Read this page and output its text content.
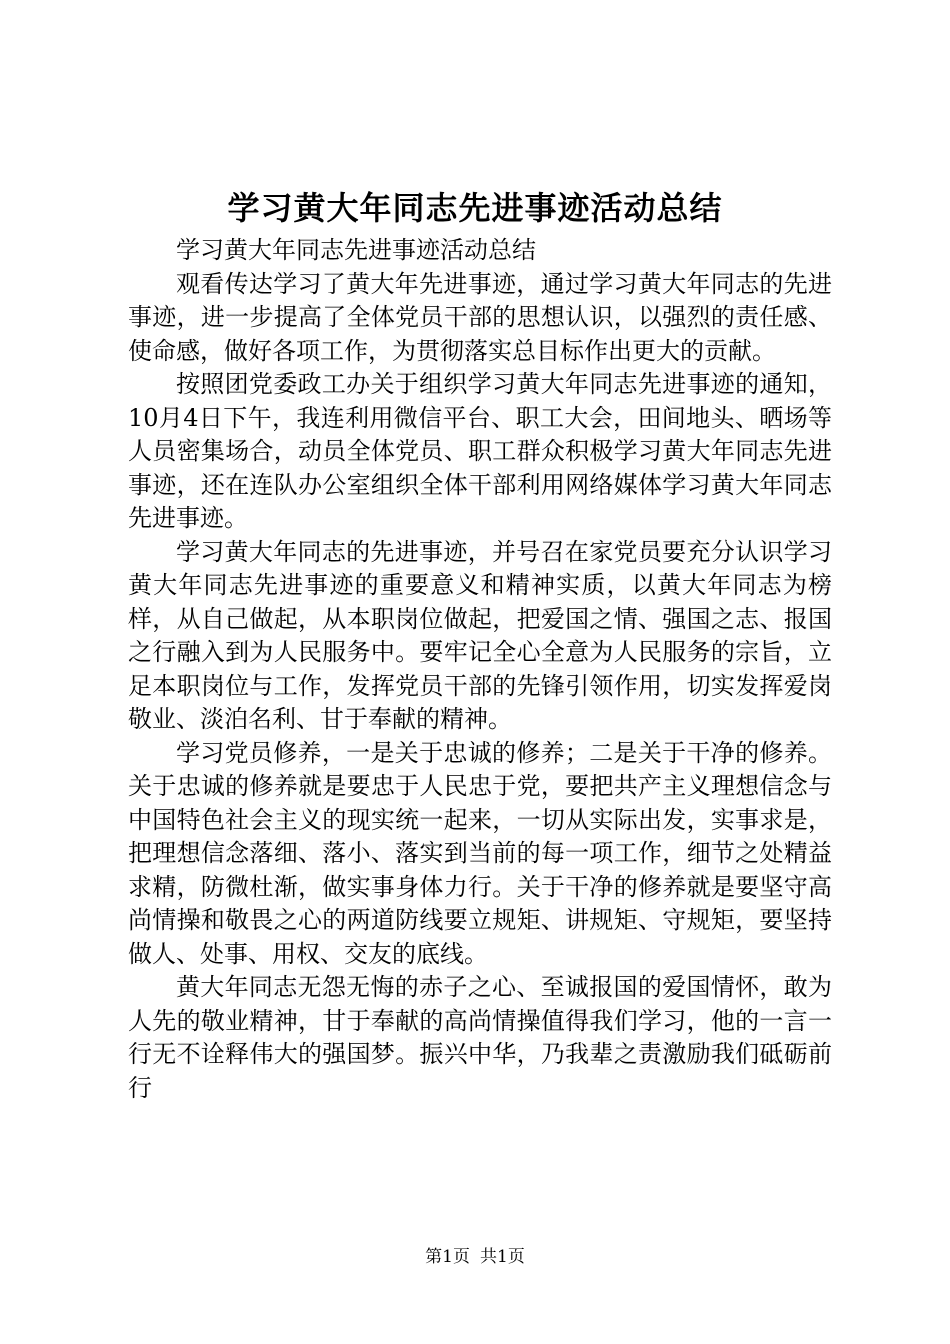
学习黄大年同志先进事迹活动总结

学习黄大年同志先进事迹活动总结

观看传达学习了黄大年先进事迹，通过学习黄大年同志的先进事迹，进一步提高了全体党员干部的思想认识，以强烈的责任感、使命感，做好各项工作，为贯彻落实总目标作出更大的贡献。

按照团党委政工办关于组织学习黄大年同志先进事迹的通知，10月4日下午，我连利用微信平台、职工大会，田间地头、晒场等人员密集场合，动员全体党员、职工群众积极学习黄大年同志先进事迹，还在连队办公室组织全体干部利用网络媒体学习黄大年同志先进事迹。

学习黄大年同志的先进事迹，并号召在家党员要充分认识学习黄大年同志先进事迹的重要意义和精神实质，以黄大年同志为榜样，从自己做起，从本职岗位做起，把爱国之情、强国之志、报国之行融入到为人民服务中。要牢记全心全意为人民服务的宗旨，立足本职岗位与工作，发挥党员干部的先锋引领作用，切实发挥爱岗敬业、淡泊名利、甘于奉献的精神。

学习党员修养，一是关于忠诚的修养；二是关于干净的修养。关于忠诚的修养就是要忠于人民忠于党，要把共产主义理想信念与中国特色社会主义的现实统一起来，一切从实际出发，实事求是，把理想信念落细、落小、落实到当前的每一项工作，细节之处精益求精，防微杜渐，做实事身体力行。关于干净的修养就是要坚守高尚情操和敬畏之心的两道防线要立规矩、讲规矩、守规矩，要坚持做人、处事、用权、交友的底线。

黄大年同志无怨无悔的赤子之心、至诚报国的爱国情怀，敢为人先的敬业精神，甘于奉献的高尚情操值得我们学习，他的一言一行无不诠释伟大的强国梦。振兴中华，乃我辈之责激励我们砥砺前行

第1页 共1页
